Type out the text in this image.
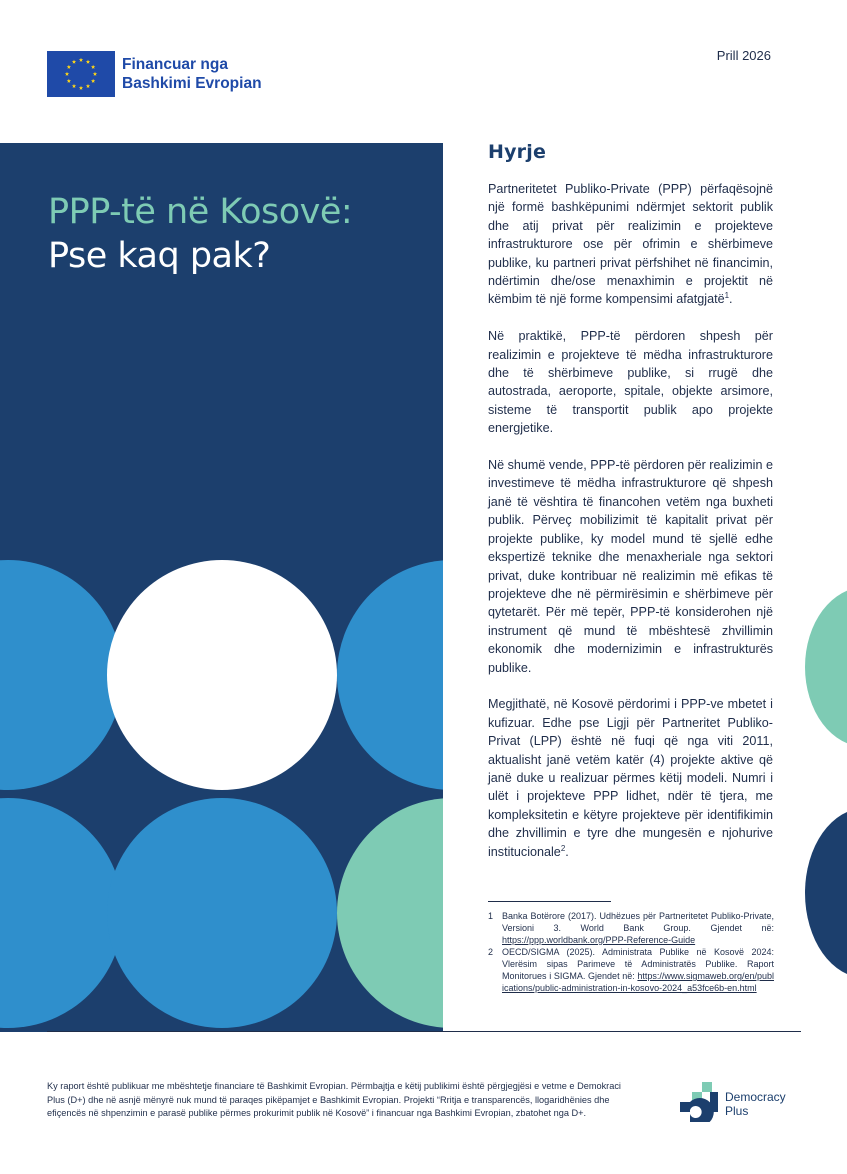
Financuar nga
Bashkimi Evropian
Prill 2026
PPP-të në Kosovë:
Pse kaq pak?
Hyrje

Partneritetet Publiko-Private (PPP) përfaqësojnë një formë bashkëpunimi ndërmjet sektorit publik dhe atij privat për realizimin e projekteve infrastrukturore ose për ofrimin e shërbimeve publike, ku partneri privat përfshihet në financimin, ndërtimin dhe/ose menaxhimin e projektit në këmbim të një forme kompensimi afatgjatë$^1$.

Në praktikë, PPP-të përdoren shpesh për realizimin e projekteve të mëdha infrastrukturore dhe të shërbimeve publike, si rrugë dhe autostrada, aeroporte, spitale, objekte arsimore, sisteme të transportit publik apo projekte energjetike.

Në shumë vende, PPP-të përdoren për realizimin e investimeve të mëdha infrastrukturore që shpesh janë të vështira të financohen vetëm nga buxheti publik. Përveç mobilizimit të kapitalit privat për projekte publike, ky model mund të sjellë edhe ekspertizë teknike dhe menaxheriale nga sektori privat, duke kontribuar në realizimin më efikas të projekteve dhe në përmirësimin e shërbimeve për qytetarët. Për më tepër, PPP-të konsiderohen një instrument që mund të mbështesë zhvillimin ekonomik dhe modernizimin e infrastrukturës publike.

Megjithatë, në Kosovë përdorimi i PPP-ve mbetet i kufizuar. Edhe pse Ligji për Partneritet Publiko-Privat (LPP) është në fuqi që nga viti 2011, aktualisht janë vetëm katër (4) projekte aktive që janë duke u realizuar përmes këtij modeli. Numri i ulët i projekteve PPP lidhet, ndër të tjera, me kompleksitetin e këtyre projekteve për identifikimin dhe zhvillimin e tyre dhe mungesën e njohurive institucionale$^2$.

1 Banka Botërore (2017). Udhëzues për Partneritetet Publiko-Private, Versioni 3. World Bank Group. Gjendet në: https://ppp.worldbank.org/PPP-Reference-Guide
2 OECD/SIGMA (2025). Administrata Publike në Kosovë 2024: Vlerësim sipas Parimeve të Administratës Publike. Raport Monitorues i SIGMA. Gjendet në: https://www.sigmaweb.org/en/publications/public-administration-in-kosovo-2024_a53fce6b-en.html
Ky raport është publikuar me mbështetje financiare të Bashkimit Evropian. Përmbajtja e këtij publikimi është përgjegjësi e vetme e Demokraci Plus (D+) dhe në asnjë mënyrë nuk mund të paraqes pikëpamjet e Bashkimit Evropian. Projekti “Rritja e transparencës, llogaridhënies dhe efiçencës në shpenzimin e parasë publike përmes prokurimit publik në Kosovë” i financuar nga Bashkimi Evropian, zbatohet nga D+.
Democracy
Plus
